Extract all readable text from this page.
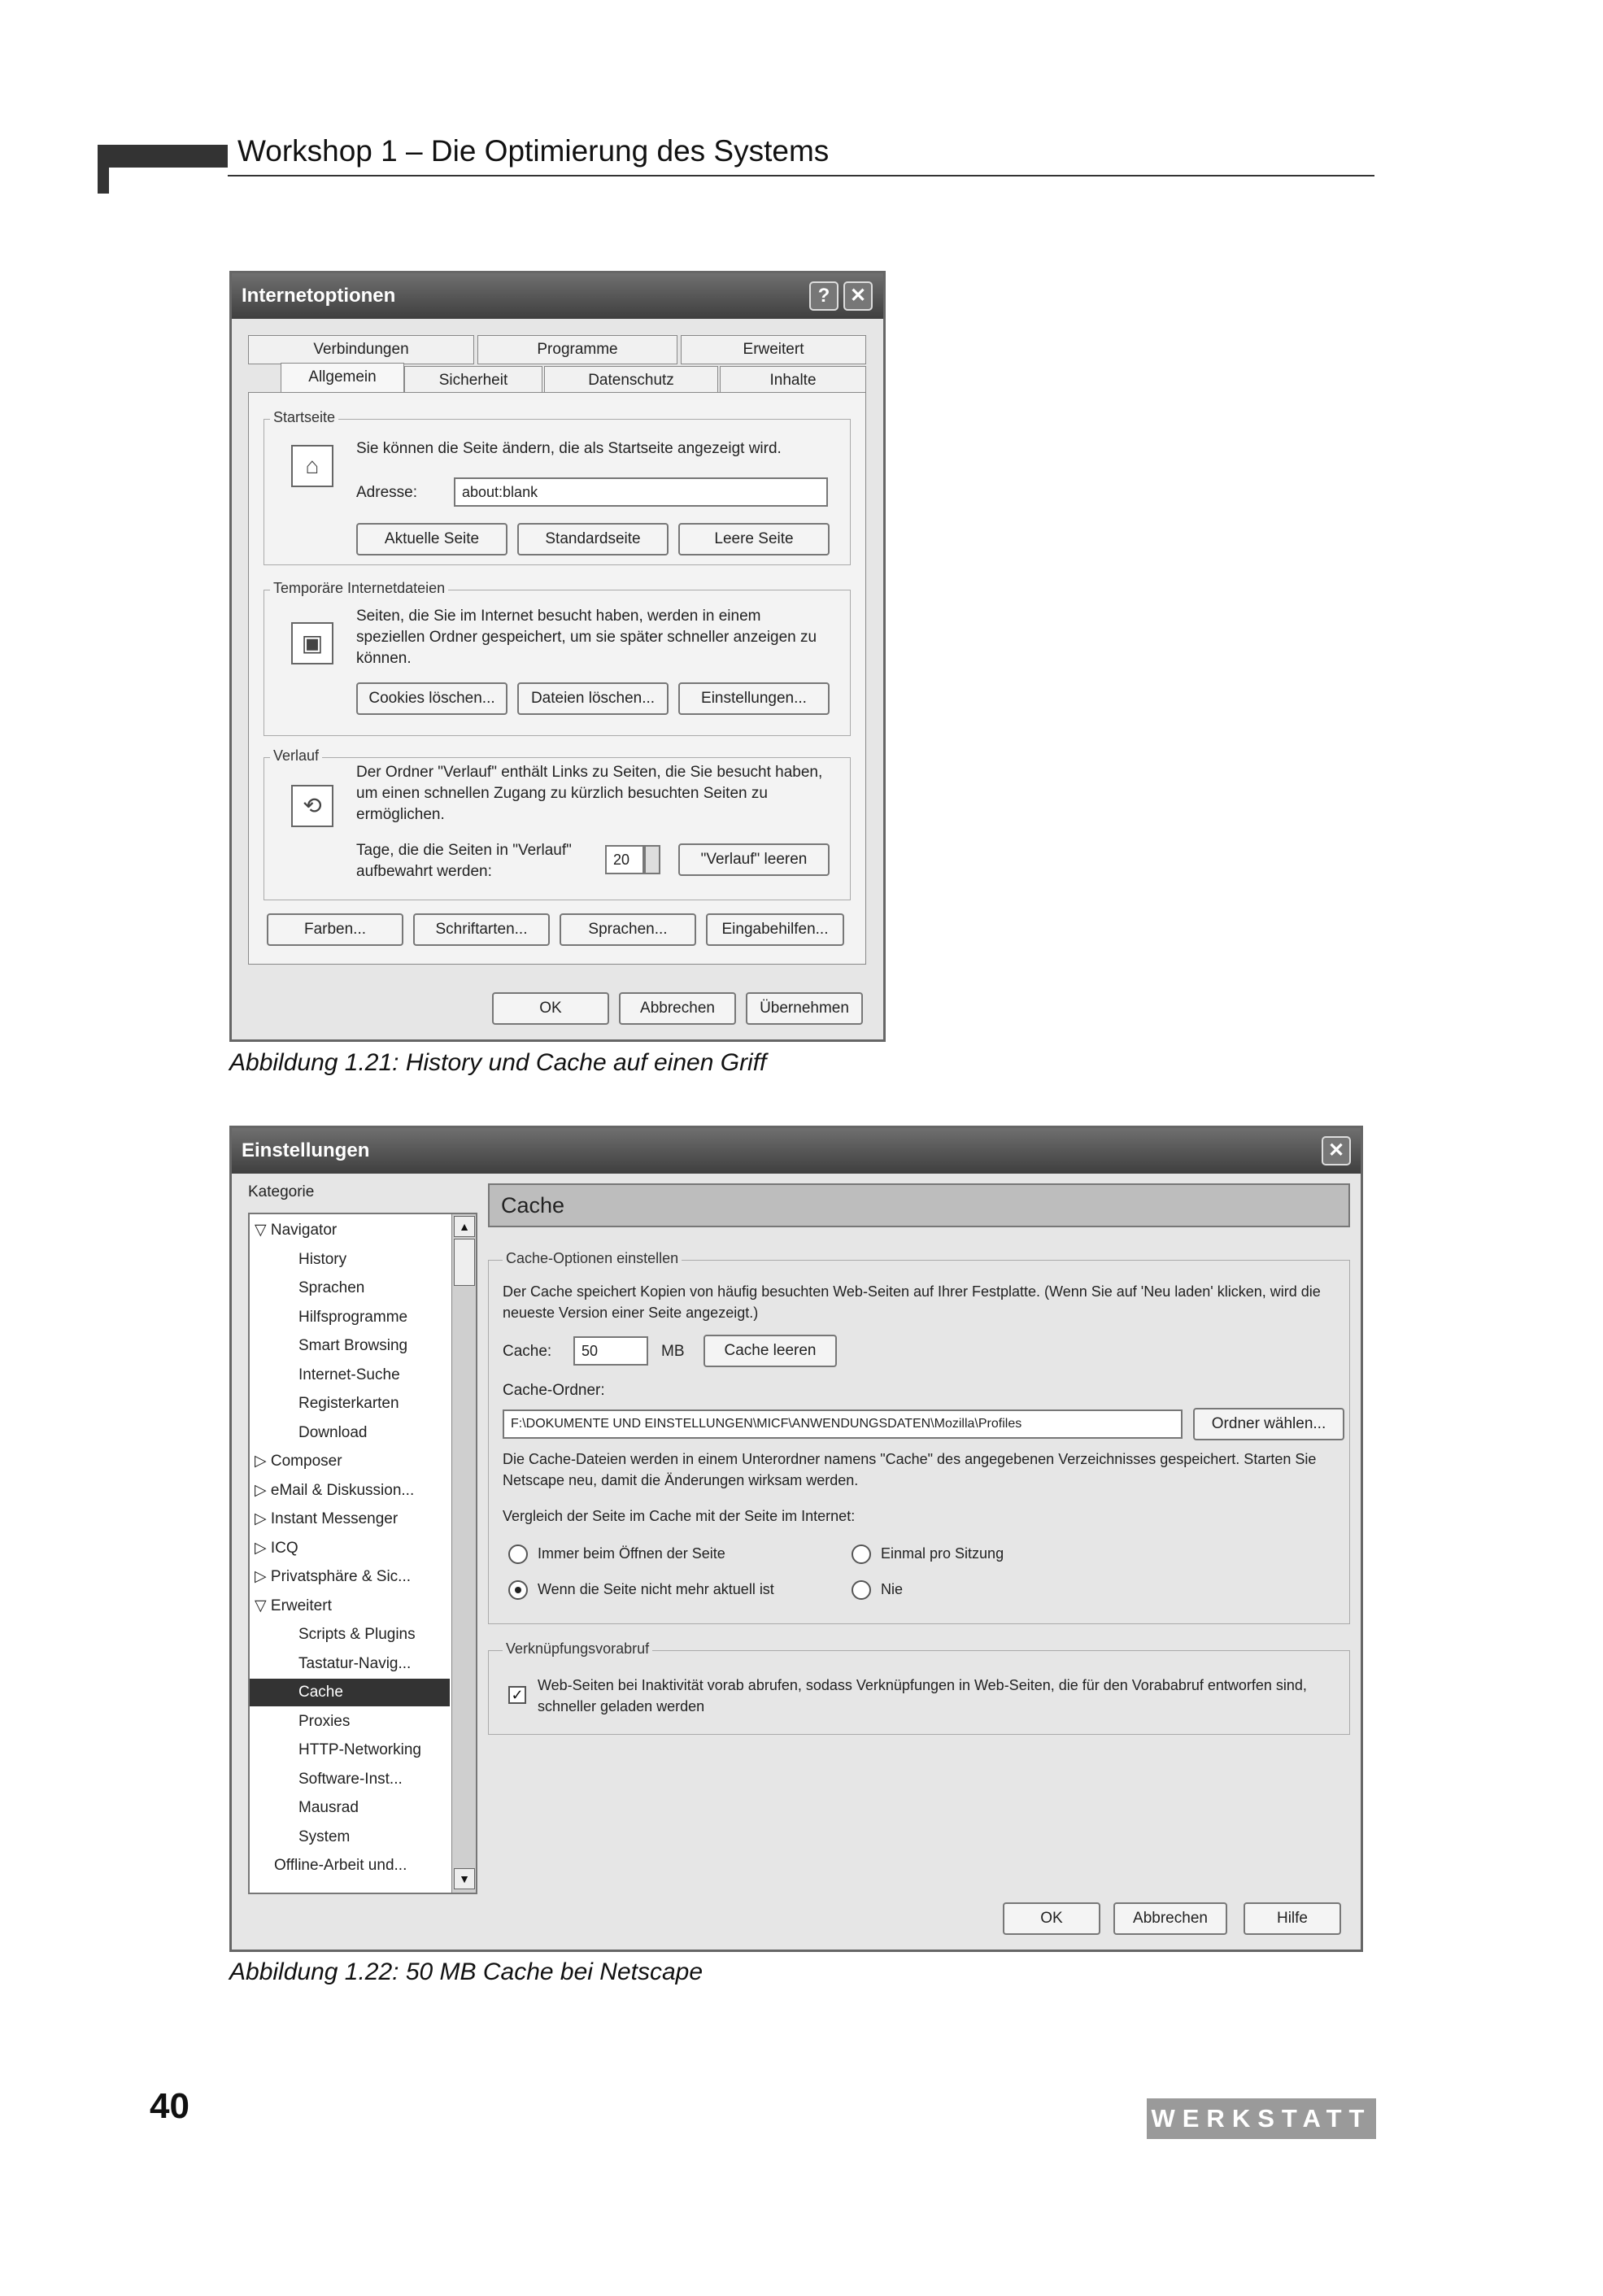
Workshop 1 – Die Optimierung des Systems
Internetoptionen	?	✕
Verbindungen	Programme	Erweitert
Allgemein	Sicherheit	Datenschutz	Inhalte
Startseite
⌂
Sie können die Seite ändern, die als Startseite angezeigt wird.
Adresse:	about:blank
Aktuelle Seite	Standardseite	Leere Seite
Temporäre Internetdateien
▣
Seiten, die Sie im Internet besucht haben, werden in einem speziellen Ordner gespeichert, um sie später schneller anzeigen zu können.
Cookies löschen...	Dateien löschen...	Einstellungen...
Verlauf
⟲
Der Ordner "Verlauf" enthält Links zu Seiten, die Sie besucht haben, um einen schnellen Zugang zu kürzlich besuchten Seiten zu ermöglichen.
Tage, die die Seiten in "Verlauf" aufbewahrt werden:
20	"Verlauf" leeren
Farben...	Schriftarten...	Sprachen...	Eingabehilfen...
OK	Abbrechen	Übernehmen
Abbildung 1.21: History und Cache auf einen Griff
Einstellungen	✕
Kategorie
▽ Navigator
History
Sprachen
Hilfsprogramme
Smart Browsing
Internet-Suche
Registerkarten
Download
▷ Composer
▷ eMail & Diskussion...
▷ Instant Messenger
▷ ICQ
▷ Privatsphäre & Sic...
▽ Erweitert
Scripts & Plugins
Tastatur-Navig...
Cache
Proxies
HTTP-Networking
Software-Inst...
Mausrad
System
Offline-Arbeit und...
▲
▼
Cache
Cache-Optionen einstellen
Der Cache speichert Kopien von häufig besuchten Web-Seiten auf Ihrer Festplatte. (Wenn Sie auf 'Neu laden' klicken, wird die neueste Version einer Seite angezeigt.)
Cache:	50	MB	Cache leeren
Cache-Ordner:
F:\DOKUMENTE UND EINSTELLUNGEN\MICF\ANWENDUNGSDATEN\Mozilla\Profiles	Ordner wählen...
Die Cache-Dateien werden in einem Unterordner namens "Cache" des angegebenen Verzeichnisses gespeichert. Starten Sie Netscape neu, damit die Änderungen wirksam werden.
Vergleich der Seite im Cache mit der Seite im Internet:
Immer beim Öffnen der Seite	Einmal pro Sitzung
Wenn die Seite nicht mehr aktuell ist	Nie
Verknüpfungsvorabruf
✓
Web-Seiten bei Inaktivität vorab abrufen, sodass Verknüpfungen in Web-Seiten, die für den Vorababruf entworfen sind, schneller geladen werden
OK	Abbrechen	Hilfe
Abbildung 1.22: 50 MB Cache bei Netscape
40	WERKSTATT
